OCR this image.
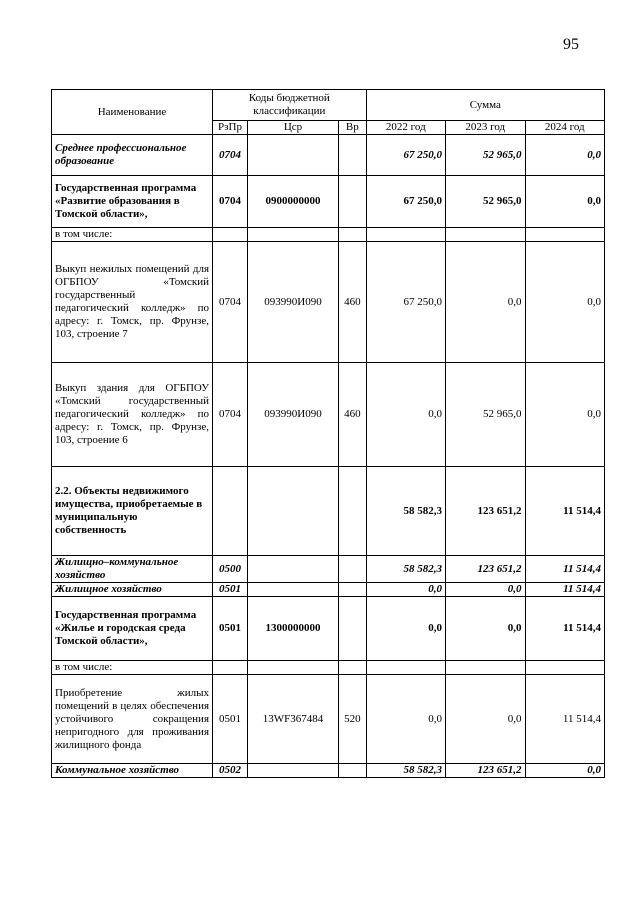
95
Наименование	Коды бюджетной классификации			Сумма		
	РзПр	Цср	Вр	2022 год	2023 год	2024 год
Среднее профессиональное образование	0704			67 250,0	52 965,0	0,0
Государственная программа «Развитие образования в Томской области»,	0704	0900000000		67 250,0	52 965,0	0,0
в том числе:						
Выкуп нежилых помещений для ОГБПОУ «Томский государственный педагогический колледж» по адресу: г. Томск, пр. Фрунзе, 103, строение 7	0704	093990И090	460	67 250,0	0,0	0,0
Выкуп здания для ОГБПОУ «Томский государственный педагогический колледж» по адресу: г. Томск, пр. Фрунзе, 103, строение 6	0704	093990И090	460	0,0	52 965,0	0,0
2.2. Объекты недвижимого имущества, приобретаемые в муниципальную собственность				58 582,3	123 651,2	11 514,4
Жилищно–коммунальное хозяйство	0500			58 582,3	123 651,2	11 514,4
Жилищное хозяйство	0501			0,0	0,0	11 514,4
Государственная программа «Жилье и городская среда Томской области»,	0501	1300000000		0,0	0,0	11 514,4
в том числе:						
Приобретение жилых помещений в целях обеспечения устойчивого сокращения непригодного для проживания жилищного фонда	0501	13WF367484	520	0,0	0,0	11 514,4
Коммунальное хозяйство	0502			58 582,3	123 651,2	0,0
